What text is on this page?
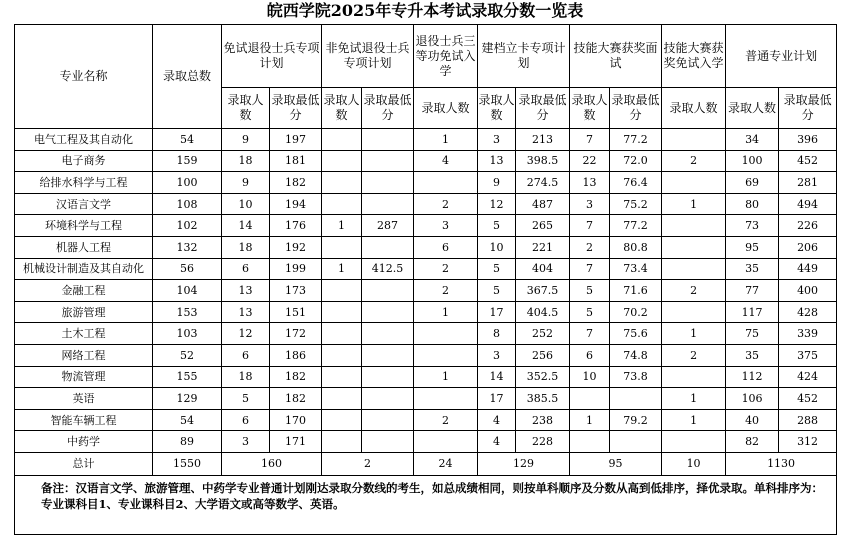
皖西学院2025年专升本考试录取分数一览表
专业名称	录取总数	免试退役士兵专项计划		非免试退役士兵专项计划		退役士兵三等功免试入学	建档立卡专项计划		技能大赛获奖面试		技能大赛获奖免试入学	普通专业计划	
		录取人数	录取最低分	录取人数	录取最低分	录取人数	录取人数	录取最低分	录取人数	录取最低分	录取人数	录取人数	录取最低分
电气工程及其自动化	54	9	197			1	3	213	7	77.2		34	396
电子商务	159	18	181			4	13	398.5	22	72.0	2	100	452
给排水科学与工程	100	9	182				9	274.5	13	76.4		69	281
汉语言文学	108	10	194			2	12	487	3	75.2	1	80	494
环境科学与工程	102	14	176	1	287	3	5	265	7	77.2		73	226
机器人工程	132	18	192			6	10	221	2	80.8		95	206
机械设计制造及其自动化	56	6	199	1	412.5	2	5	404	7	73.4		35	449
金融工程	104	13	173			2	5	367.5	5	71.6	2	77	400
旅游管理	153	13	151			1	17	404.5	5	70.2		117	428
土木工程	103	12	172				8	252	7	75.6	1	75	339
网络工程	52	6	186				3	256	6	74.8	2	35	375
物流管理	155	18	182			1	14	352.5	10	73.8		112	424
英语	129	5	182				17	385.5			1	106	452
智能车辆工程	54	6	170			2	4	238	1	79.2	1	40	288
中药学	89	3	171				4	228				82	312
总计	1550	160		2		24	129		95		10	1130	
备注：汉语言文学、旅游管理、中药学专业普通计划刚达录取分数线的考生，如总成绩相同，则按单科顺序及分数从高到低排序，择优录取。单科排序为：专业课科目1、专业课科目2、大学语文或高等数学、英语。													
